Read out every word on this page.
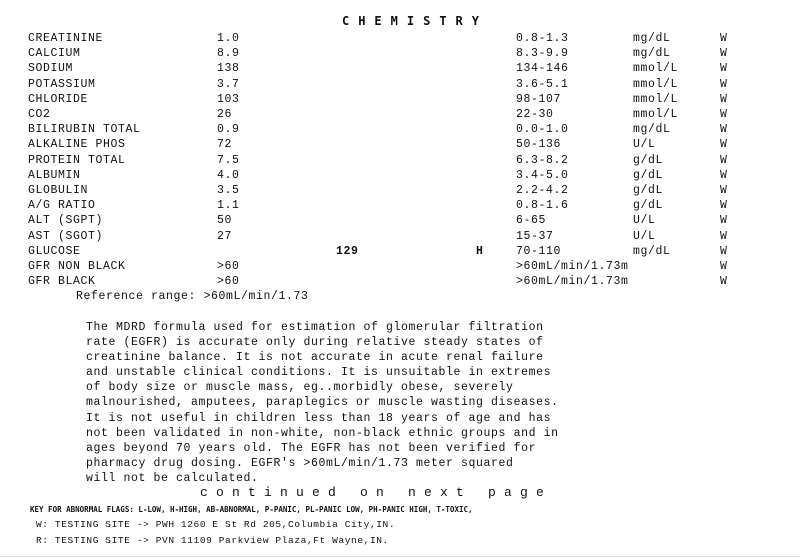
CHEMISTRY
CREATININE	1.0	0.8-1.3	mg/dL	W
CALCIUM	8.9	8.3-9.9	mg/dL	W
SODIUM	138	134-146	mmol/L	W
POTASSIUM	3.7	3.6-5.1	mmol/L	W
CHLORIDE	103	98-107	mmol/L	W
CO2	26	22-30	mmol/L	W
BILIRUBIN TOTAL	0.9	0.0-1.0	mg/dL	W
ALKALINE PHOS	72	50-136	U/L	W
PROTEIN TOTAL	7.5	6.3-8.2	g/dL	W
ALBUMIN	4.0	3.4-5.0	g/dL	W
GLOBULIN	3.5	2.2-4.2	g/dL	W
A/G RATIO	1.1	0.8-1.6	g/dL	W
ALT (SGPT)	50	6-65	U/L	W
AST (SGOT)	27	15-37	U/L	W
GLUCOSE	129	H	70-110	mg/dL	W
GFR NON BLACK	>60	>60mL/min/1.73m	W
GFR BLACK	>60	>60mL/min/1.73m	W
Reference range: >60mL/min/1.73
The MDRD formula used for estimation of glomerular filtration
rate (EGFR) is accurate only during relative steady states of
creatinine balance. It is not accurate in acute renal failure
and unstable clinical conditions. It is unsuitable in extremes
of body size or muscle mass, eg..morbidly obese, severely
malnourished, amputees, paraplegics or muscle wasting diseases.
It is not useful in children less than 18 years of age and has
not been validated in non-white, non-black ethnic groups and in
ages beyond 70 years old. The EGFR has not been verified for
pharmacy drug dosing. EGFR's >60mL/min/1.73 meter squared
will not be calculated.
continued on next page
KEY FOR ABNORMAL FLAGS: L-LOW, H-HIGH, AB-ABNORMAL, P-PANIC, PL-PANIC LOW, PH-PANIC HIGH, T-TOXIC,
W: TESTING SITE -> PWH 1260 E St Rd 205,Columbia City,IN.
R: TESTING SITE -> PVN 11109 Parkview Plaza,Ft Wayne,IN.
